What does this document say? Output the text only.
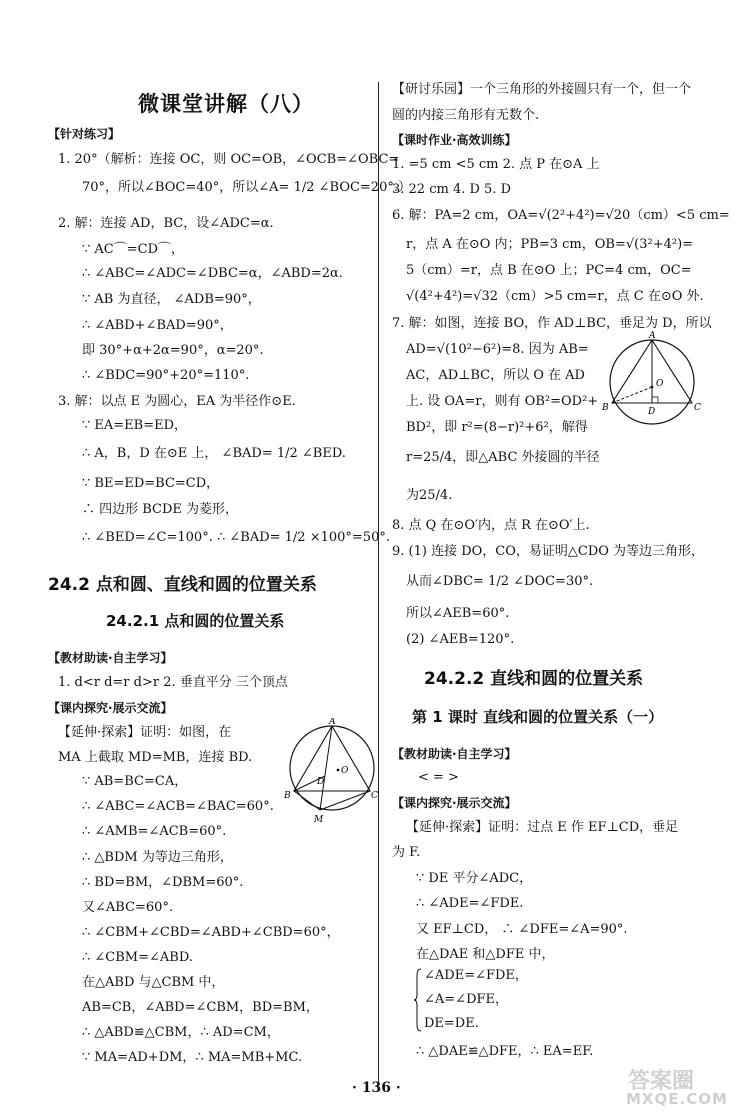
微课堂讲解（八）
【针对练习】
1. 20°（解析：连接 OC，则 OC=OB，∠OCB=∠OBC=
70°，所以∠BOC=40°，所以∠A= 1/2 ∠BOC=20°.）
2. 解：连接 AD，BC，设∠ADC=α.
∵ AC⌒=CD⌒，
∴ ∠ABC=∠ADC=∠DBC=α，∠ABD=2α.
∵ AB 为直径， ∠ADB=90°，
∴ ∠ABD+∠BAD=90°，
即 30°+α+2α=90°，α=20°.
∴ ∠BDC=90°+20°=110°.
3. 解：以点 E 为圆心，EA 为半径作⊙E.
∵ EA=EB=ED，
∴ A，B，D 在⊙E 上， ∠BAD= 1/2 ∠BED.
∵ BE=ED=BC=CD，
∴ 四边形 BCDE 为菱形，
∴ ∠BED=∠C=100°. ∴ ∠BAD= 1/2 ×100°=50°.
24.2 点和圆、直线和圆的位置关系
24.2.1 点和圆的位置关系
【教材助读·自主学习】
1. d<r d=r d>r 2. 垂直平分 三个顶点
【课内探究·展示交流】
【延伸·探索】证明：如图，在
MA 上截取 MD=MB，连接 BD.
∵ AB=BC=CA，
∴ ∠ABC=∠ACB=∠BAC=60°.
∴ ∠AMB=∠ACB=60°.
∴ △BDM 为等边三角形，
∴ BD=BM，∠DBM=60°.
又∠ABC=60°.
∴ ∠CBM+∠CBD=∠ABD+∠CBD=60°，
∴ ∠CBM=∠ABD.
在△ABD 与△CBM 中，
AB=CB，∠ABD=∠CBM，BD=BM，
∴ △ABD≌△CBM，∴ AD=CM，
∵ MA=AD+DM，∴ MA=MB+MC.
A
B	C
D
O
M
【研讨乐园】一个三角形的外接圆只有一个，但一个
圆的内接三角形有无数个.
【课时作业·高效训练】
1. =5 cm <5 cm 2. 点 P 在⊙A 上
3. 22 cm 4. D 5. D
6. 解：PA=2 cm，OA=√(2²+4²)=√20（cm）<5 cm=
r，点 A 在⊙O 内；PB=3 cm，OB=√(3²+4²)=
5（cm）=r，点 B 在⊙O 上；PC=4 cm，OC=
√(4²+4²)=√32（cm）>5 cm=r，点 C 在⊙O 外.
7. 解：如图，连接 BO，作 AD⊥BC，垂足为 D，所以
AD=√(10²−6²)=8. 因为 AB=
AC，AD⊥BC，所以 O 在 AD
上. 设 OA=r，则有 OB²=OD²+
BD²，即 r²=(8−r)²+6²，解得
r=25/4，即△ABC 外接圆的半径
为25/4.
8. 点 Q 在⊙O′内，点 R 在⊙O′上.
9. (1) 连接 DO，CO，易证明△CDO 为等边三角形，
从而∠DBC= 1/2 ∠DOC=30°.
所以∠AEB=60°.
(2) ∠AEB=120°.
24.2.2 直线和圆的位置关系
第 1 课时 直线和圆的位置关系（一）
【教材助读·自主学习】
< = >
【课内探究·展示交流】
【延伸·探索】证明：过点 E 作 EF⊥CD，垂足
为 F.
∵ DE 平分∠ADC，
∴ ∠ADE=∠FDE.
又 EF⊥CD， ∴ ∠DFE=∠A=90°.
在△DAE 和△DFE 中，
∠ADE=∠FDE，
∠A=∠DFE，
DE=DE.
∴ △DAE≌△DFE，∴ EA=EF.
A
B	C
D
O
· 136 ·	答案圈
MXQE.COM
